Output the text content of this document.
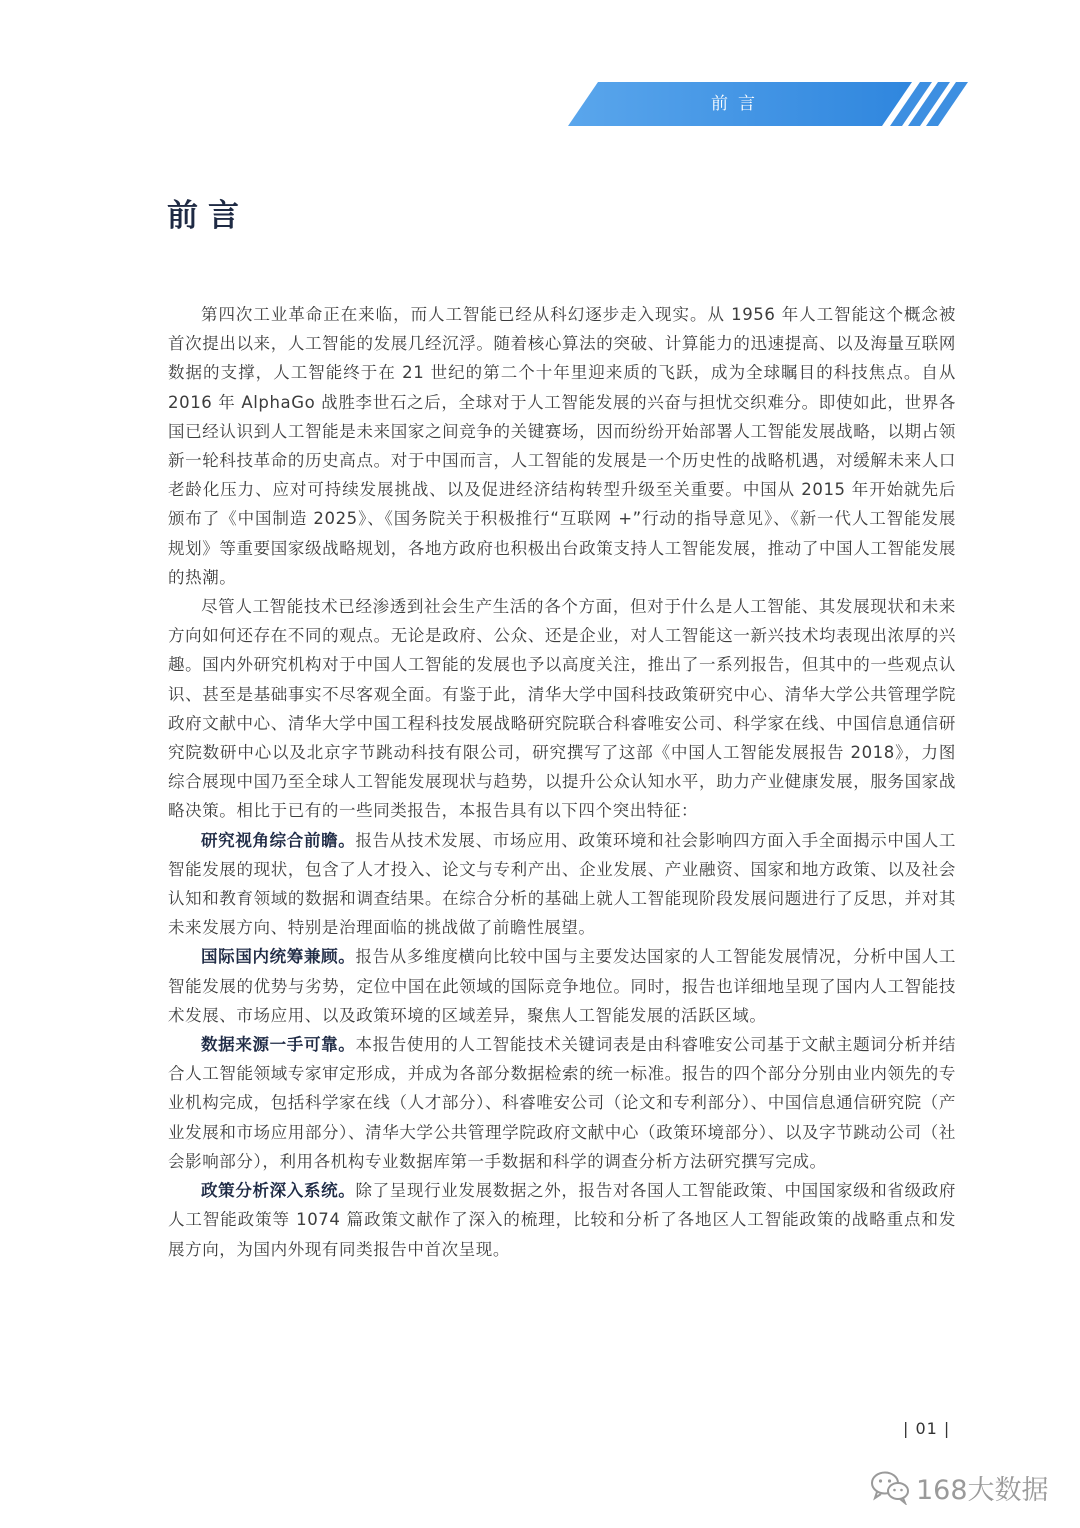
前言
前言

第四次工业革命正在来临，而人工智能已经从科幻逐步走入现实。从 1956 年人工智能这个概念被首次提出以来，人工智能的发展几经沉浮。随着核心算法的突破、计算能力的迅速提高、以及海量互联网数据的支撑，人工智能终于在 21 世纪的第二个十年里迎来质的飞跃，成为全球瞩目的科技焦点。自从 2016 年 AlphaGo 战胜李世石之后，全球对于人工智能发展的兴奋与担忧交织难分。即使如此，世界各国已经认识到人工智能是未来国家之间竞争的关键赛场，因而纷纷开始部署人工智能发展战略，以期占领新一轮科技革命的历史高点。对于中国而言，人工智能的发展是一个历史性的战略机遇，对缓解未来人口老龄化压力、应对可持续发展挑战、以及促进经济结构转型升级至关重要。中国从 2015 年开始就先后颁布了《中国制造 2025》、《国务院关于积极推行“互联网 +”行动的指导意见》、《新一代人工智能发展规划》等重要国家级战略规划，各地方政府也积极出台政策支持人工智能发展，推动了中国人工智能发展的热潮。

尽管人工智能技术已经渗透到社会生产生活的各个方面，但对于什么是人工智能、其发展现状和未来方向如何还存在不同的观点。无论是政府、公众、还是企业，对人工智能这一新兴技术均表现出浓厚的兴趣。国内外研究机构对于中国人工智能的发展也予以高度关注，推出了一系列报告，但其中的一些观点认识、甚至是基础事实不尽客观全面。有鉴于此，清华大学中国科技政策研究中心、清华大学公共管理学院政府文献中心、清华大学中国工程科技发展战略研究院联合科睿唯安公司、科学家在线、中国信息通信研究院数研中心以及北京字节跳动科技有限公司，研究撰写了这部《中国人工智能发展报告 2018》，力图综合展现中国乃至全球人工智能发展现状与趋势，以提升公众认知水平，助力产业健康发展，服务国家战略决策。相比于已有的一些同类报告，本报告具有以下四个突出特征：

研究视角综合前瞻。报告从技术发展、市场应用、政策环境和社会影响四方面入手全面揭示中国人工智能发展的现状，包含了人才投入、论文与专利产出、企业发展、产业融资、国家和地方政策、以及社会认知和教育领域的数据和调查结果。在综合分析的基础上就人工智能现阶段发展问题进行了反思，并对其未来发展方向、特别是治理面临的挑战做了前瞻性展望。

国际国内统筹兼顾。报告从多维度横向比较中国与主要发达国家的人工智能发展情况，分析中国人工智能发展的优势与劣势，定位中国在此领域的国际竞争地位。同时，报告也详细地呈现了国内人工智能技术发展、市场应用、以及政策环境的区域差异，聚焦人工智能发展的活跃区域。

数据来源一手可靠。本报告使用的人工智能技术关键词表是由科睿唯安公司基于文献主题词分析并结合人工智能领域专家审定形成，并成为各部分数据检索的统一标准。报告的四个部分分别由业内领先的专业机构完成，包括科学家在线（人才部分）、科睿唯安公司（论文和专利部分）、中国信息通信研究院（产业发展和市场应用部分）、清华大学公共管理学院政府文献中心（政策环境部分）、以及字节跳动公司（社会影响部分），利用各机构专业数据库第一手数据和科学的调查分析方法研究撰写完成。

政策分析深入系统。除了呈现行业发展数据之外，报告对各国人工智能政策、中国国家级和省级政府人工智能政策等 1074 篇政策文献作了深入的梳理，比较和分析了各地区人工智能政策的战略重点和发展方向，为国内外现有同类报告中首次呈现。

| 01 |
168大数据
